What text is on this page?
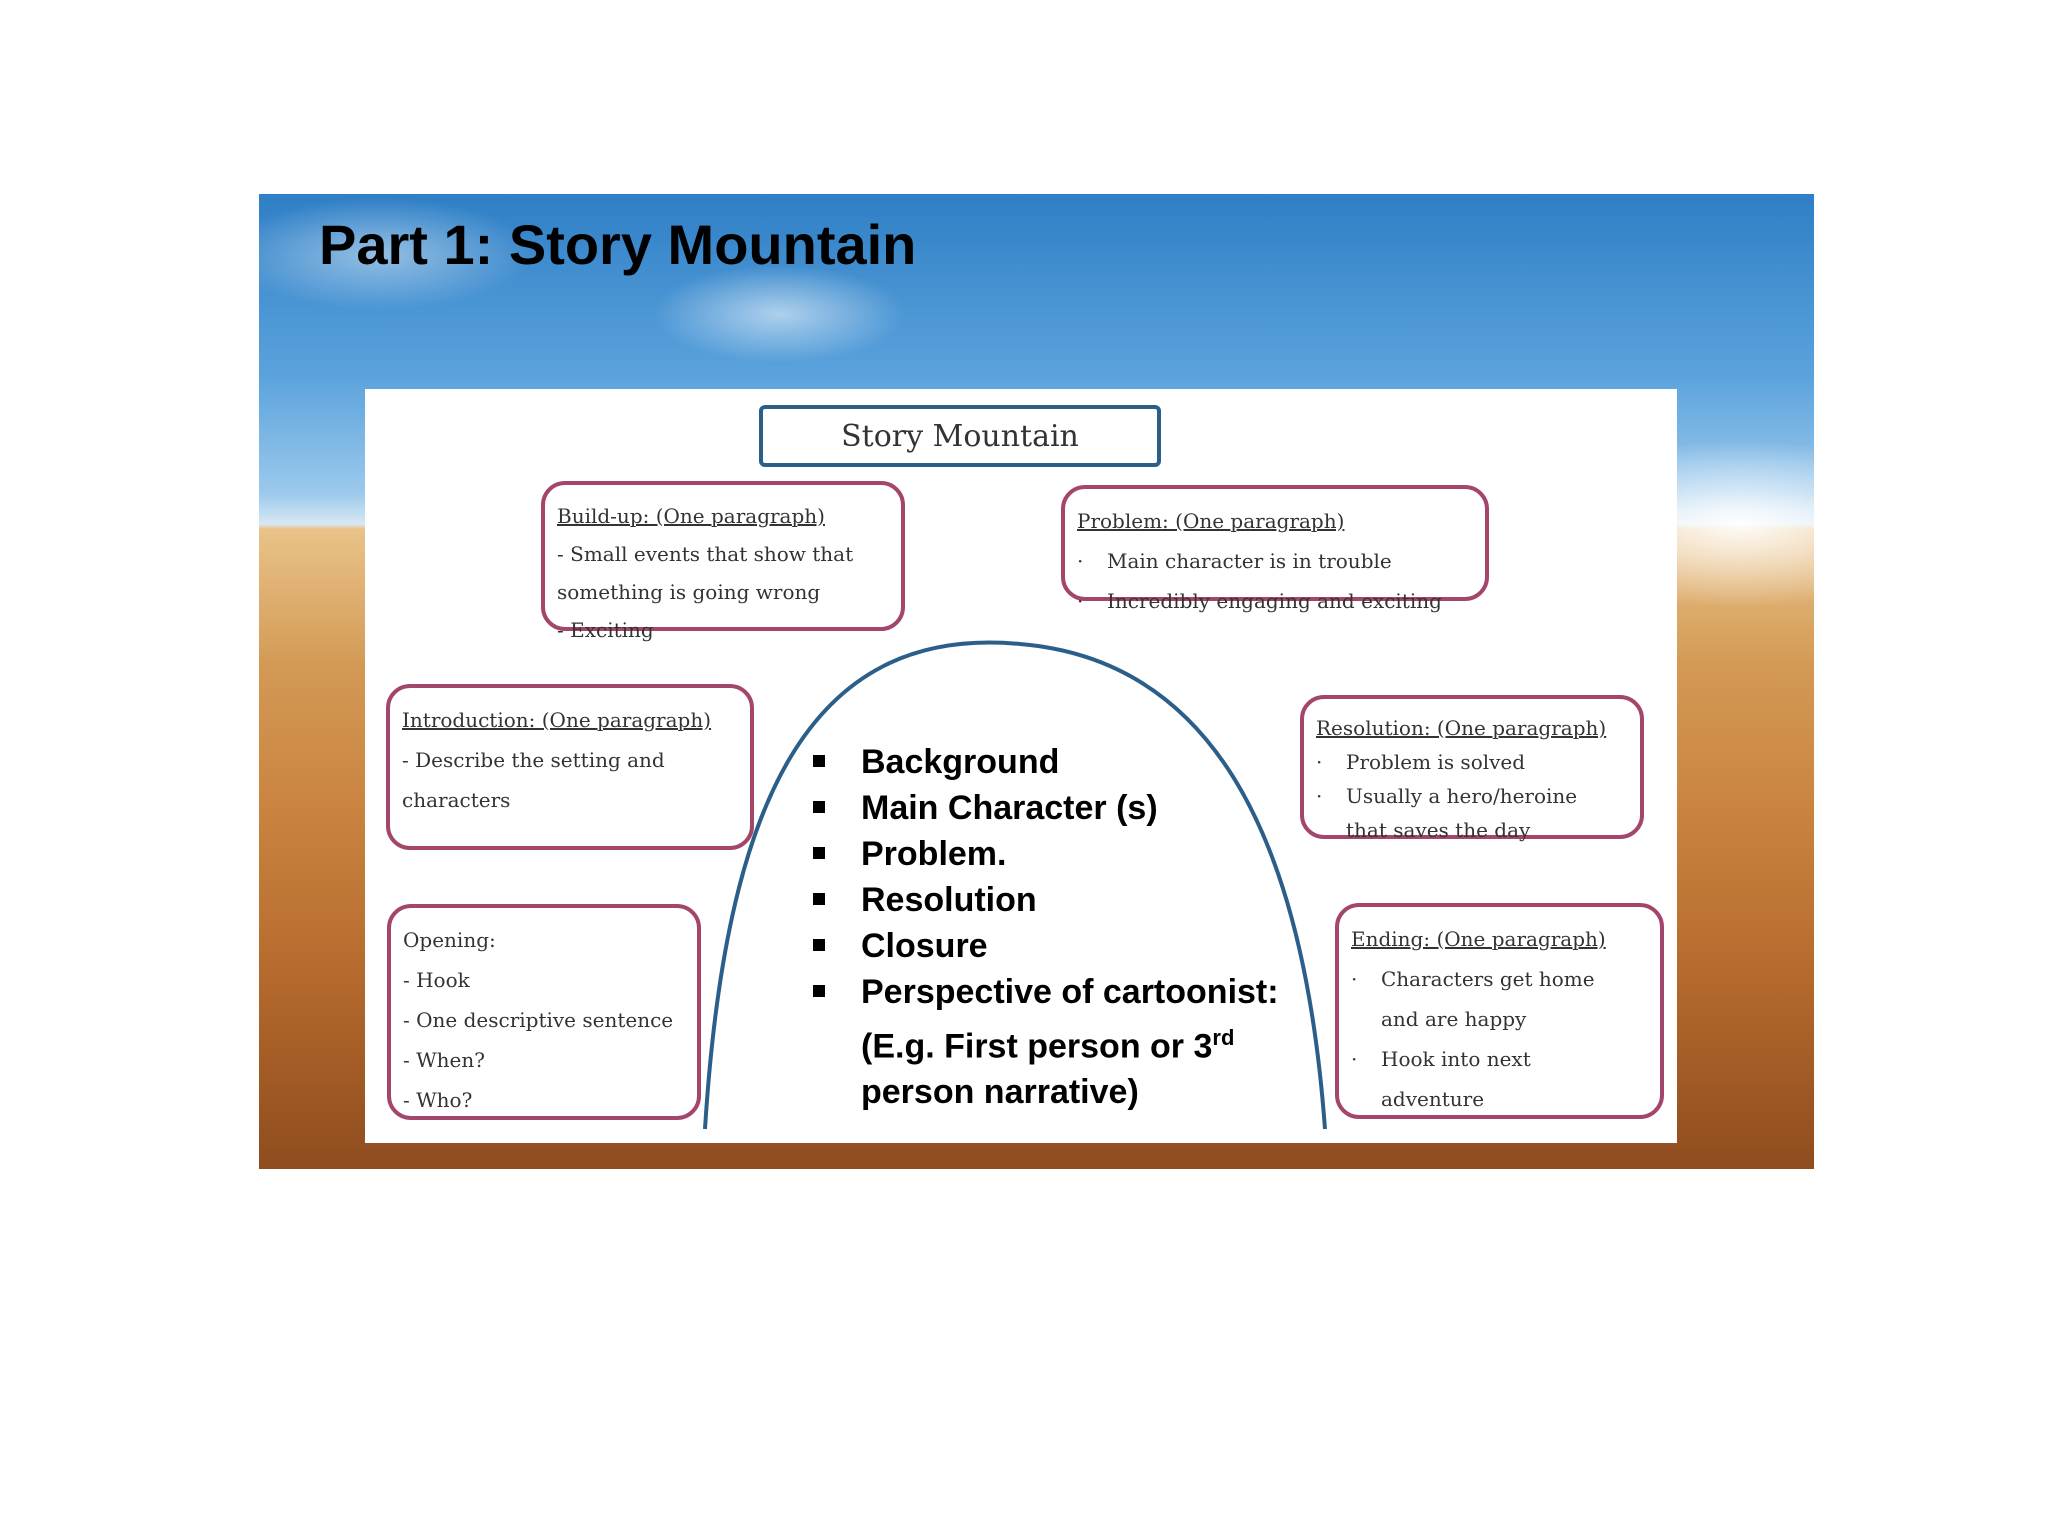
Part 1: Story Mountain
Story Mountain
Build-up: (One paragraph)
- Small events that show that
something is going wrong
- Exciting
Problem: (One paragraph)
· Main character is in trouble
· Incredibly engaging and exciting
Introduction: (One paragraph)
- Describe the setting and
characters
Resolution: (One paragraph)
· Problem is solved
· Usually a hero/heroine
that saves the day
Opening:
- Hook
- One descriptive sentence
- When?
- Who?
Ending: (One paragraph)
· Characters get home
and are happy
· Hook into next
adventure
Background
Main Character (s)
Problem.
Resolution
Closure
Perspective of cartoonist:
(E.g. First person or 3rd
person narrative)
